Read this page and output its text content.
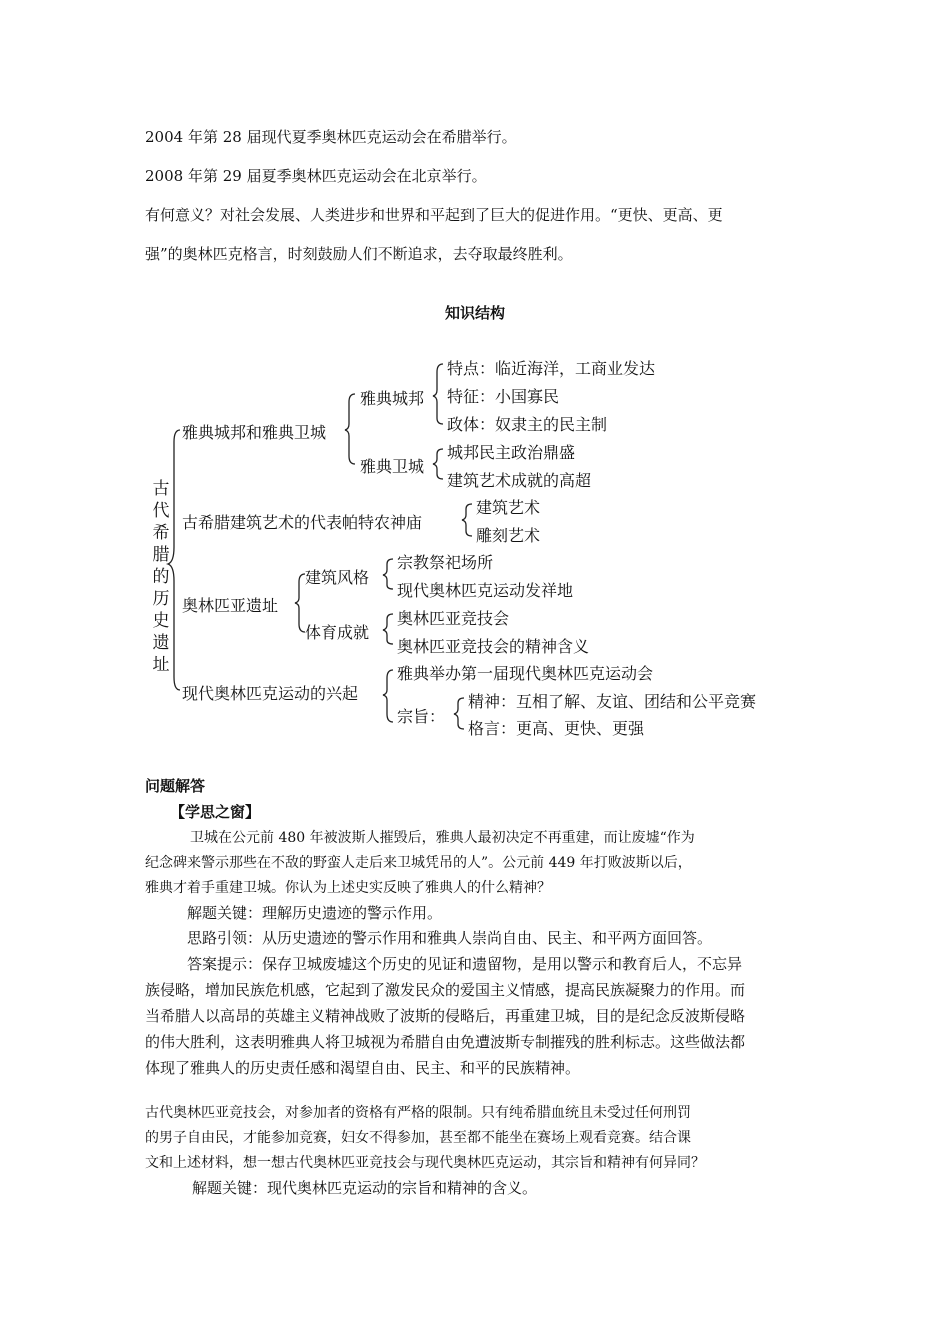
2004 年第 28 届现代夏季奥林匹克运动会在希腊举行。
2008 年第 29 届夏季奥林匹克运动会在北京举行。
有何意义？对社会发展、人类进步和世界和平起到了巨大的促进作用。“更快、更高、更
强”的奥林匹克格言，时刻鼓励人们不断追求，去夺取最终胜利。
知识结构
古
代
希
腊
的
历
史
遗
址
雅典城邦和雅典卫城
雅典城邦
特点：临近海洋，工商业发达
特征：小国寡民
政体：奴隶主的民主制
雅典卫城
城邦民主政治鼎盛
建筑艺术成就的高超
古希腊建筑艺术的代表帕特农神庙
建筑艺术
雕刻艺术
奥林匹亚遗址
建筑风格
宗教祭祀场所
现代奥林匹克运动发祥地
体育成就
奥林匹亚竞技会
奥林匹亚竞技会的精神含义
现代奥林匹克运动的兴起
雅典举办第一届现代奥林匹克运动会
宗旨：
精神：互相了解、友谊、团结和公平竞赛
格言：更高、更快、更强
问题解答
【学思之窗】
卫城在公元前 480 年被波斯人摧毁后，雅典人最初决定不再重建，而让废墟“作为
纪念碑来警示那些在不敌的野蛮人走后来卫城凭吊的人”。公元前 449 年打败波斯以后，
雅典才着手重建卫城。你认为上述史实反映了雅典人的什么精神？
解题关键：理解历史遗迹的警示作用。
思路引领：从历史遗迹的警示作用和雅典人崇尚自由、民主、和平两方面回答。
答案提示：保存卫城废墟这个历史的见证和遗留物，是用以警示和教育后人，不忘异
族侵略，增加民族危机感，它起到了激发民众的爱国主义情感，提高民族凝聚力的作用。而
当希腊人以高昂的英雄主义精神战败了波斯的侵略后，再重建卫城，目的是纪念反波斯侵略
的伟大胜利，这表明雅典人将卫城视为希腊自由免遭波斯专制摧残的胜利标志。这些做法都
体现了雅典人的历史责任感和渴望自由、民主、和平的民族精神。
古代奥林匹亚竞技会，对参加者的资格有严格的限制。只有纯希腊血统且未受过任何刑罚
的男子自由民，才能参加竞赛，妇女不得参加，甚至都不能坐在赛场上观看竞赛。结合课
文和上述材料，想一想古代奥林匹亚竞技会与现代奥林匹克运动，其宗旨和精神有何异同？
解题关键：现代奥林匹克运动的宗旨和精神的含义。
